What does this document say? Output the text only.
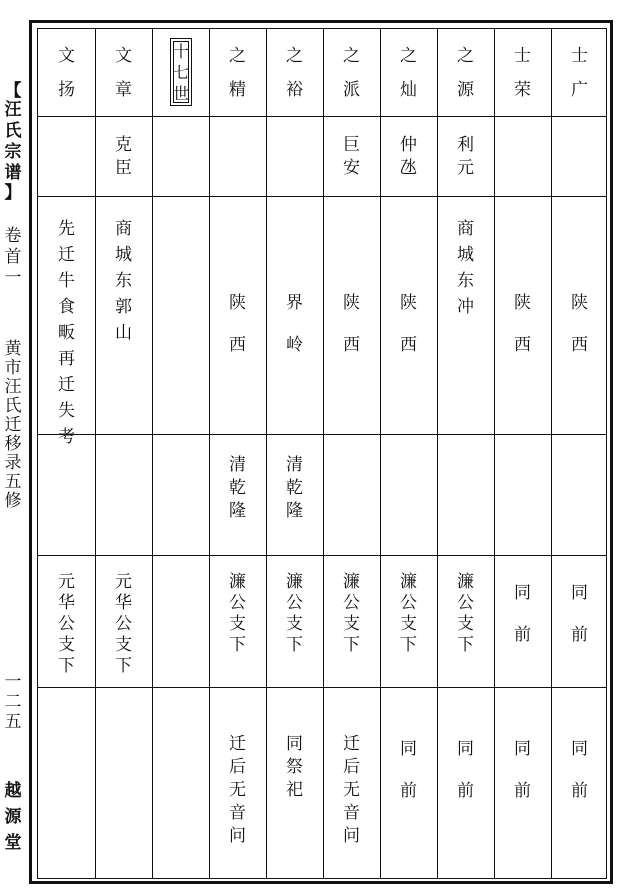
【
汪
氏
宗
谱
】
卷
首
一
黄
市
汪
氏
迁
移
录
五
修
一
二
五
越
源
堂
文
扬
先
迁
牛
食
畈
再
迁
失
考
元
华
公
支
下
文
章
克
臣
商
城
东
郭
山
元
华
公
支
下
十
七
世
之
精
陕
西
清
乾
隆
濂
公
支
下
迁
后
无
音
问
之
裕
界
岭
清
乾
隆
濂
公
支
下
同
祭
祀
之
派
巨
安
陕
西
濂
公
支
下
迁
后
无
音
问
之
灿
仲
氹
陕
西
濂
公
支
下
同
前
之
源
利
元
商
城
东
冲
濂
公
支
下
同
前
士
荣
陕
西
同
前
同
前
士
广
陕
西
同
前
同
前
